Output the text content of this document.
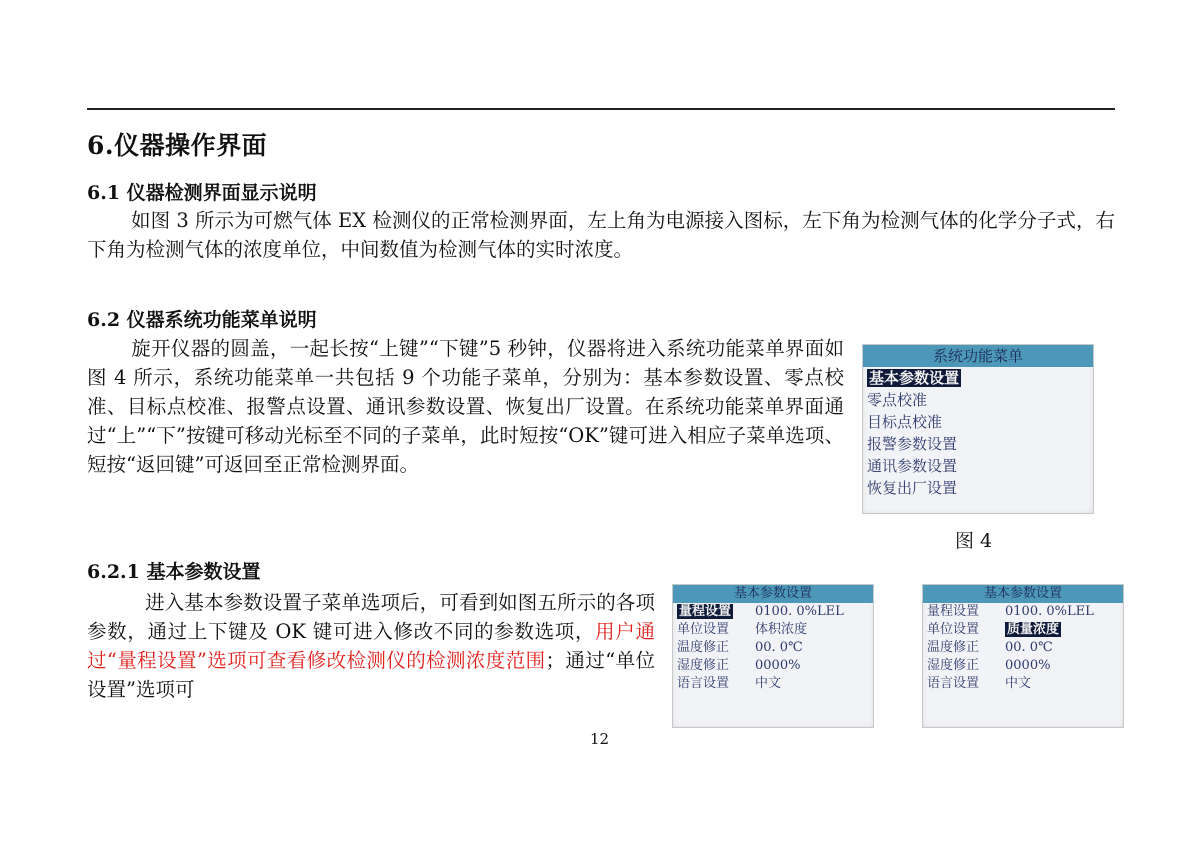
6.仪器操作界面
6.1 仪器检测界面显示说明
如图 3 所示为可燃气体 EX 检测仪的正常检测界面，左上角为电源接入图标，左下角为检测气体的化学分子式，右下角为检测气体的浓度单位，中间数值为检测气体的实时浓度。
6.2 仪器系统功能菜单说明
旋开仪器的圆盖，一起长按“上键”“下键”5 秒钟，仪器将进入系统功能菜单界面如图 4 所示，系统功能菜单一共包括 9 个功能子菜单，分别为：基本参数设置、零点校准、目标点校准、报警点设置、通讯参数设置、恢复出厂设置。在系统功能菜单界面通过“上”“下”按键可移动光标至不同的子菜单，此时短按“OK”键可进入相应子菜单选项、短按“返回键”可返回至正常检测界面。
系统功能菜单
基本参数设置
零点校准
目标点校准
报警参数设置
通讯参数设置
恢复出厂设置
图 4
6.2.1 基本参数设置
进入基本参数设置子菜单选项后，可看到如图五所示的各项参数，通过上下键及 OK 键可进入修改不同的参数选项，用户通过“量程设置”选项可查看修改检测仪的检测浓度范围；通过“单位设置”选项可
基本参数设置
量程设置	0100. 0%LEL
单位设置	体积浓度
温度修正	00. 0℃
湿度修正	0000%
语言设置	中文
基本参数设置
量程设置	0100. 0%LEL
单位设置	质量浓度
温度修正	00. 0℃
湿度修正	0000%
语言设置	中文
12
